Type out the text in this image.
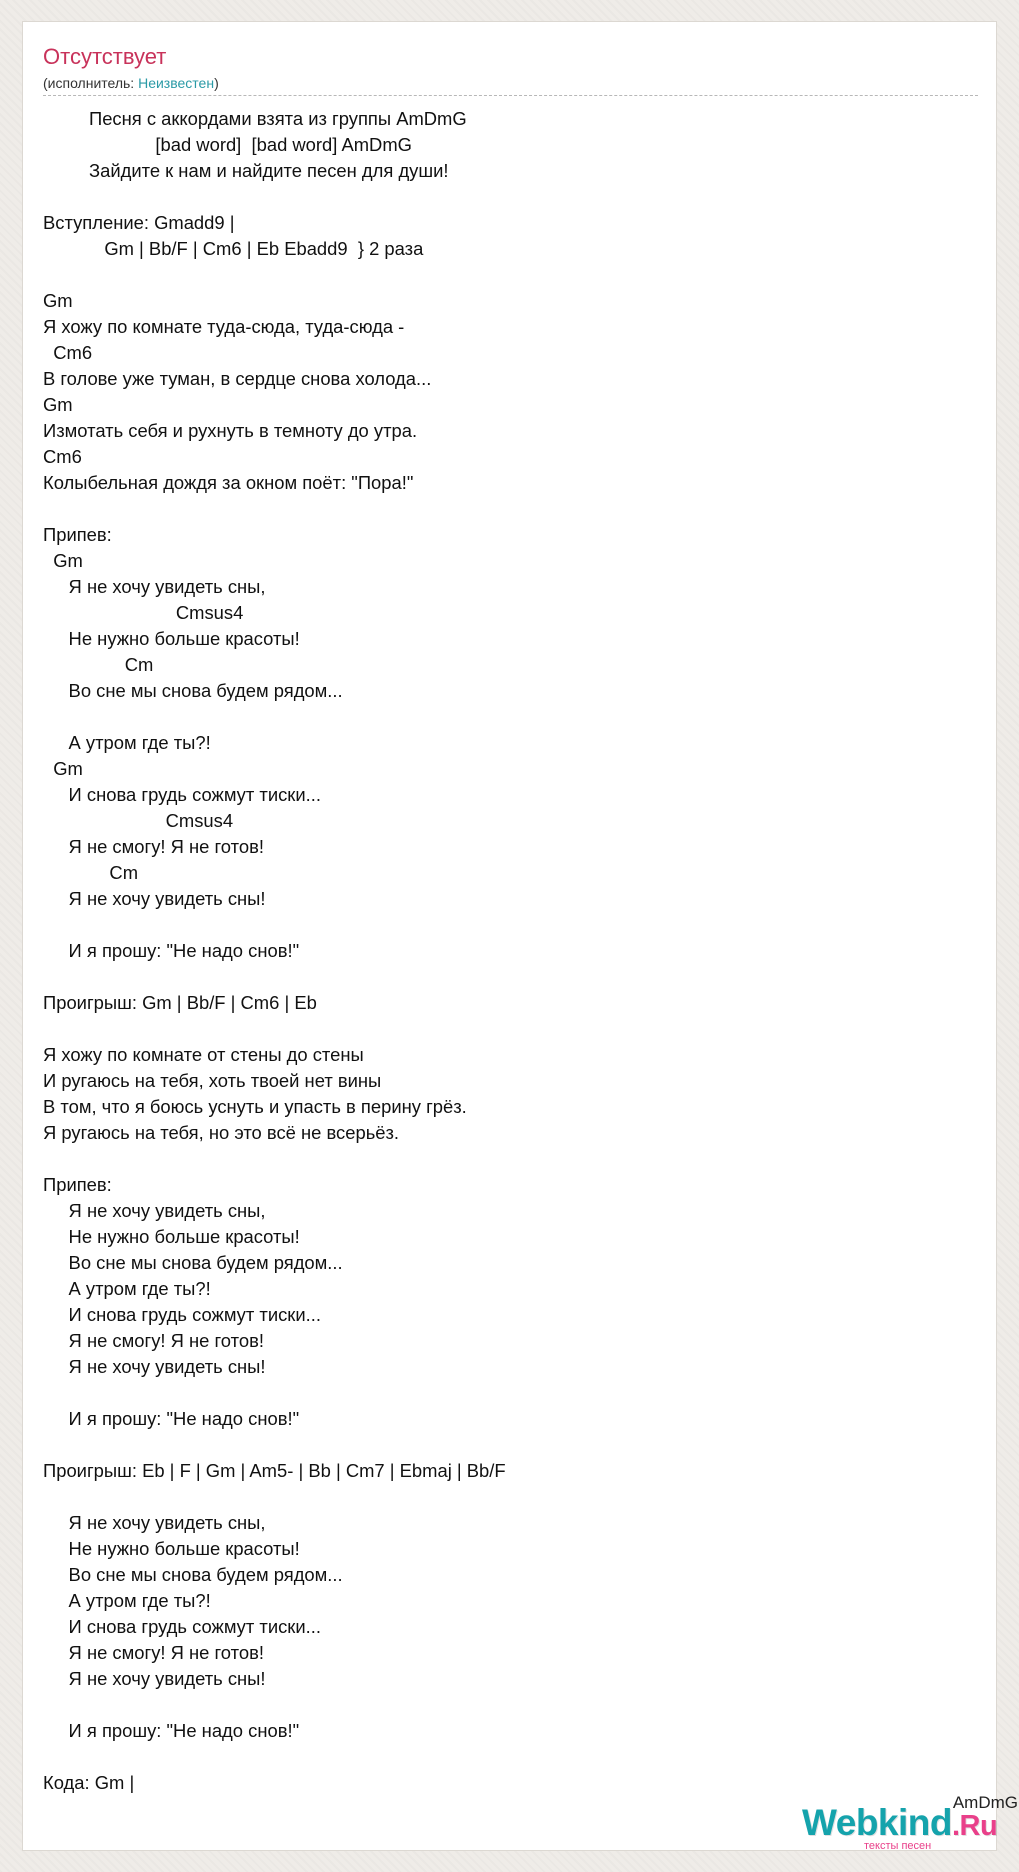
Отсутствует
(исполнитель: Неизвестен)
Песня с аккордами взята из группы AmDmG
[bad word]  [bad word] AmDmG
Зайдите к нам и найдите песен для души!

Вступление: Gmadd9 |
Gm | Bb/F | Cm6 | Eb Ebadd9  } 2 раза

Gm
Я хожу по комнате туда-сюда, туда-сюда -
Cm6
В голове уже туман, в сердце снова холода...
Gm
Измотать себя и рухнуть в темноту до утра.
Cm6
Колыбельная дождя за окном поёт: "Пора!"

Припев:
Gm
Я не хочу увидеть сны,
Cmsus4
Не нужно больше красоты!
Cm
Во сне мы снова будем рядом...

А утром где ты?!
Gm
И снова грудь сожмут тиски...
Cmsus4
Я не смогу! Я не готов!
Cm
Я не хочу увидеть сны!

И я прошу: "Не надо снов!"

Проигрыш: Gm | Bb/F | Cm6 | Eb

Я хожу по комнате от стены до стены
И ругаюсь на тебя, хоть твоей нет вины
В том, что я боюсь уснуть и упасть в перину грёз.
Я ругаюсь на тебя, но это всё не всерьёз.

Припев:
Я не хочу увидеть сны,
Не нужно больше красоты!
Во сне мы снова будем рядом...
А утром где ты?!
И снова грудь сожмут тиски...
Я не смогу! Я не готов!
Я не хочу увидеть сны!

И я прошу: "Не надо снов!"

Проигрыш: Eb | F | Gm | Am5- | Bb | Cm7 | Ebmaj | Bb/F

Я не хочу увидеть сны,
Не нужно больше красоты!
Во сне мы снова будем рядом...
А утром где ты?!
И снова грудь сожмут тиски...
Я не смогу! Я не готов!
Я не хочу увидеть сны!

И я прошу: "Не надо снов!"

Кода: Gm |
AmDmG
Webkind.Ru
тексты песен
